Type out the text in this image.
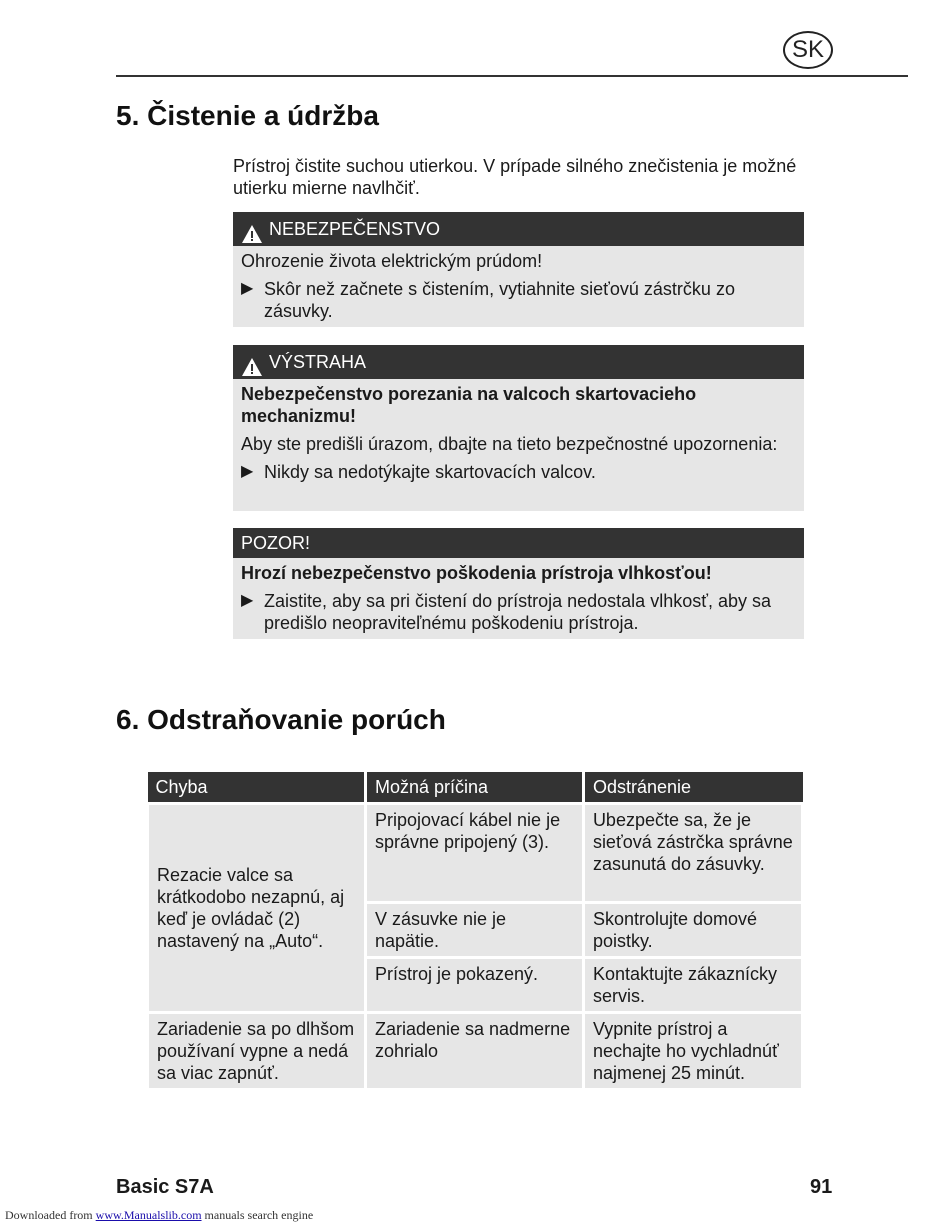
SK
5. Čistenie a údržba
Prístroj čistite suchou utierkou. V prípade silného znečistenia je možné utierku mierne navlhčiť.
NEBEZPEČENSTVO

Ohrozenie života elektrickým prúdom!

▶ Skôr než začnete s čistením, vytiahnite sieťovú zástrčku zo zásuvky.
VÝSTRAHA

Nebezpečenstvo porezania na valcoch skartovacieho mechanizmu!

Aby ste predišli úrazom, dbajte na tieto bezpečnostné upozornenia:

▶ Nikdy sa nedotýkajte skartovacích valcov.
POZOR!

Hrozí nebezpečenstvo poškodenia prístroja vlhkosťou!

▶ Zaistite, aby sa pri čistení do prístroja nedostala vlhkosť, aby sa predišlo neopraviteľnému poškodeniu prístroja.
6. Odstraňovanie porúch
Chyba	Možná príčina	Odstránenie
Rezacie valce sa krátkodobo nezapnú, aj keď je ovládač (2) nastavený na „Auto“.	Pripojovací kábel nie je správne pripojený (3).	Ubezpečte sa, že je sieťová zástrčka správne zasunutá do zásuvky.
	V zásuvke nie je napätie.	Skontrolujte domové poistky.
	Prístroj je pokazený.	Kontaktujte zákaznícky servis.
Zariadenie sa po dlhšom používaní vypne a nedá sa viac zapnúť.	Zariadenie sa nadmerne zohrialo	Vypnite prístroj a nechajte ho vychladnúť najmenej 25 minút.
Basic S7A	91
Downloaded from www.Manualslib.com manuals search engine
